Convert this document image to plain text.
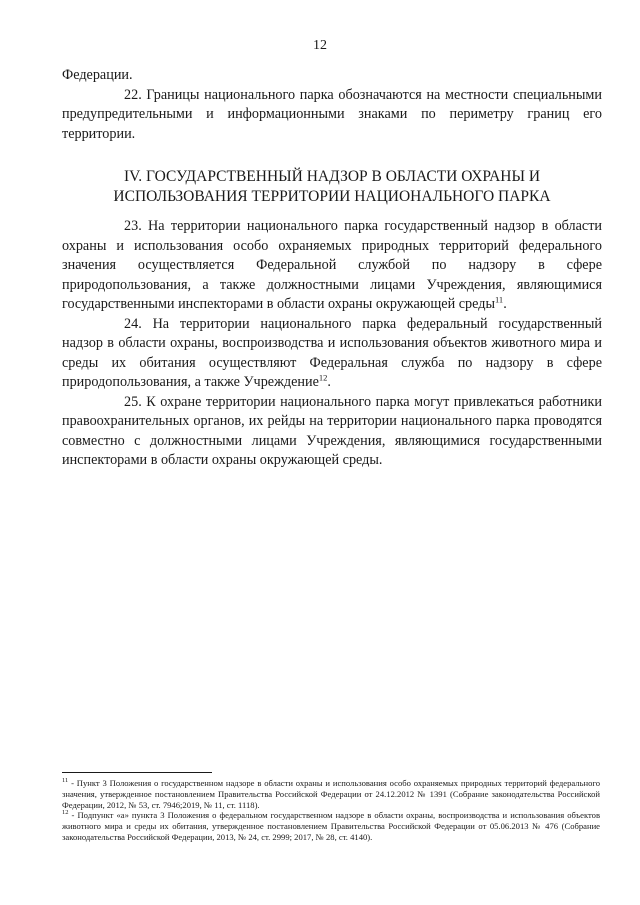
12

Федерации.

22. Границы национального парка обозначаются на местности специальными предупредительными и информационными знаками по периметру границ его территории.

IV. ГОСУДАРСТВЕННЫЙ НАДЗОР В ОБЛАСТИ ОХРАНЫ И
ИСПОЛЬЗОВАНИЯ ТЕРРИТОРИИ НАЦИОНАЛЬНОГО ПАРКА

23. На территории национального парка государственный надзор в области охраны и использования особо охраняемых природных территорий федерального значения осуществляется Федеральной службой по надзору в сфере природопользования, а также должностными лицами Учреждения, являющимися государственными инспекторами в области охраны окружающей среды$^{11}$.

24. На территории национального парка федеральный государственный надзор в области охраны, воспроизводства и использования объектов животного мира и среды их обитания осуществляют Федеральная служба по надзору в сфере природопользования, а также Учреждение$^{12}$.

25. К охране территории национального парка могут привлекаться работники правоохранительных органов, их рейды на территории национального парка проводятся совместно с должностными лицами Учреждения, являющимися государственными инспекторами в области охраны окружающей среды.

$^{11}$ - Пункт 3 Положения о государственном надзоре в области охраны и использования особо охраняемых природных территорий федерального значения, утвержденное постановлением Правительства Российской Федерации от 24.12.2012 № 1391 (Собрание законодательства Российской Федерации, 2012, № 53, ст. 7946;2019, № 11, ст. 1118).

$^{12}$ - Подпункт «а» пункта 3 Положения о федеральном государственном надзоре в области охраны, воспроизводства и использования объектов животного мира и среды их обитания, утвержденное постановлением Правительства Российской Федерации от 05.06.2013 № 476 (Собрание законодательства Российской Федерации, 2013, № 24, ст. 2999; 2017, № 28, ст. 4140).
